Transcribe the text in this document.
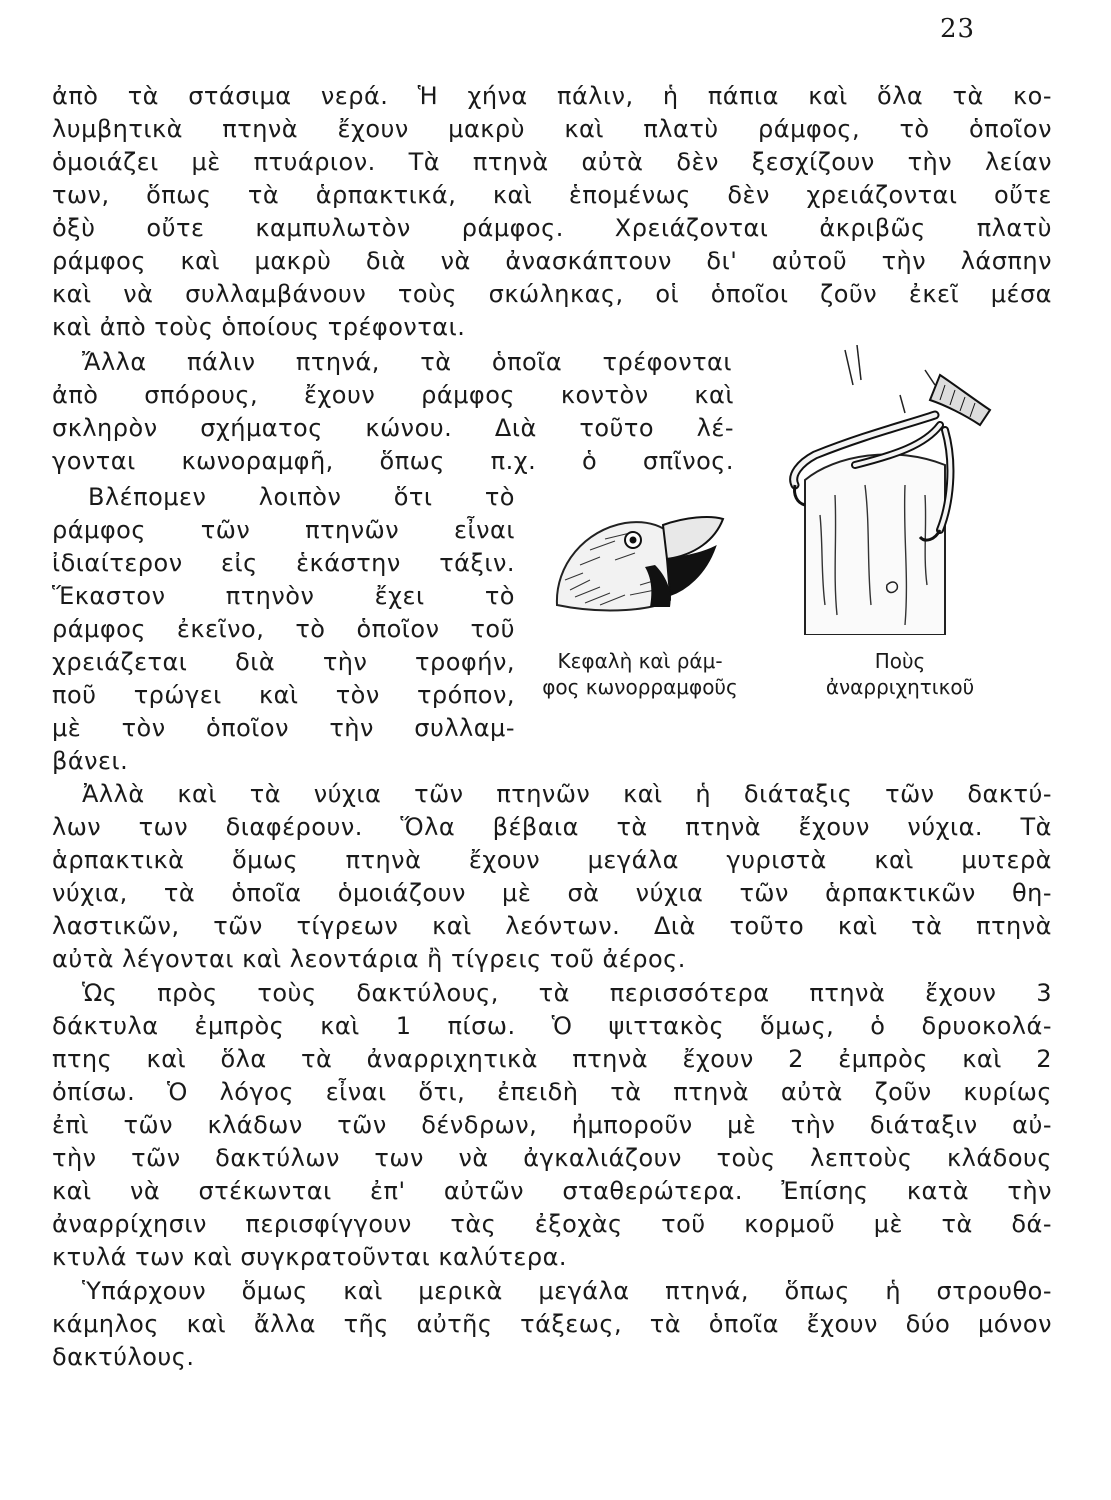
23
ἀπὸ τὰ στάσιμα νερά. Ἡ χήνα πάλιν, ἡ πάπια καὶ ὅλα τὰ κο-
λυμβητικὰ πτηνὰ ἔχουν μακρὺ καὶ πλατὺ ράμφος, τὸ ὁποῖον
ὁμοιάζει μὲ πτυάριον. Τὰ πτηνὰ αὐτὰ δὲν ξεσχίζουν τὴν λείαν
των, ὅπως τὰ ἁρπακτικά, καὶ ἑπομένως δὲν χρειάζονται οὔτε
ὀξὺ οὔτε καμπυλωτὸν ράμφος. Χρειάζονται ἀκριβῶς πλατὺ
ράμφος καὶ μακρὺ διὰ νὰ ἀνασκάπτουν δι' αὐτοῦ τὴν λάσπην
καὶ νὰ συλλαμβάνουν τοὺς σκώληκας, οἱ ὁποῖοι ζοῦν ἐκεῖ μέσα
καὶ ἀπὸ τοὺς ὁποίους τρέφονται.
Ἄλλα πάλιν πτηνά, τὰ ὁποῖα τρέφονται
ἀπὸ σπόρους, ἔχουν ράμφος κοντὸν καὶ
σκληρὸν σχήματος κώνου. Διὰ τοῦτο λέ-
γονται κωνοραμφῆ, ὅπως π.χ. ὁ σπῖνος.
Βλέπομεν λοιπὸν ὅτι τὸ
ράμφος τῶν πτηνῶν εἶναι
ἰδιαίτερον εἰς ἑκάστην τάξιν.
Ἕκαστον πτηνὸν ἔχει τὸ
ράμφος ἐκεῖνο, τὸ ὁποῖον τοῦ
χρειάζεται διὰ τὴν τροφήν,
ποῦ τρώγει καὶ τὸν τρόπον,
μὲ τὸν ὁποῖον τὴν συλλαμ-
βάνει.
Κεφαλὴ καὶ ράμ-
φος κωνορραμφοῦς
Ποὺς
ἀναρριχητικοῦ
Ἀλλὰ καὶ τὰ νύχια τῶν πτηνῶν καὶ ἡ διάταξις τῶν δακτύ-
λων των διαφέρουν. Ὅλα βέβαια τὰ πτηνὰ ἔχουν νύχια. Τὰ
ἁρπακτικὰ ὅμως πτηνὰ ἔχουν μεγάλα γυριστὰ καὶ μυτερὰ
νύχια, τὰ ὁποῖα ὁμοιάζουν μὲ σὰ νύχια τῶν ἁρπακτικῶν θη-
λαστικῶν, τῶν τίγρεων καὶ λεόντων. Διὰ τοῦτο καὶ τὰ πτηνὰ
αὐτὰ λέγονται καὶ λεοντάρια ἢ τίγρεις τοῦ ἀέρος.
Ὡς πρὸς τοὺς δακτύλους, τὰ περισσότερα πτηνὰ ἔχουν 3
δάκτυλα ἐμπρὸς καὶ 1 πίσω. Ὁ ψιττακὸς ὅμως, ὁ δρυοκολά-
πτης καὶ ὅλα τὰ ἀναρριχητικὰ πτηνὰ ἔχουν 2 ἐμπρὸς καὶ 2
ὀπίσω. Ὁ λόγος εἶναι ὅτι, ἐπειδὴ τὰ πτηνὰ αὐτὰ ζοῦν κυρίως
ἐπὶ τῶν κλάδων τῶν δένδρων, ἠμποροῦν μὲ τὴν διάταξιν αὐ-
τὴν τῶν δακτύλων των νὰ ἀγκαλιάζουν τοὺς λεπτοὺς κλάδους
καὶ νὰ στέκωνται ἐπ' αὐτῶν σταθερώτερα. Ἐπίσης κατὰ τὴν
ἀναρρίχησιν περισφίγγουν τὰς ἐξοχὰς τοῦ κορμοῦ μὲ τὰ δά-
κτυλά των καὶ συγκρατοῦνται καλύτερα.
Ὑπάρχουν ὅμως καὶ μερικὰ μεγάλα πτηνά, ὅπως ἡ στρουθο-
κάμηλος καὶ ἄλλα τῆς αὐτῆς τάξεως, τὰ ὁποῖα ἔχουν δύο μόνον
δακτύλους.
